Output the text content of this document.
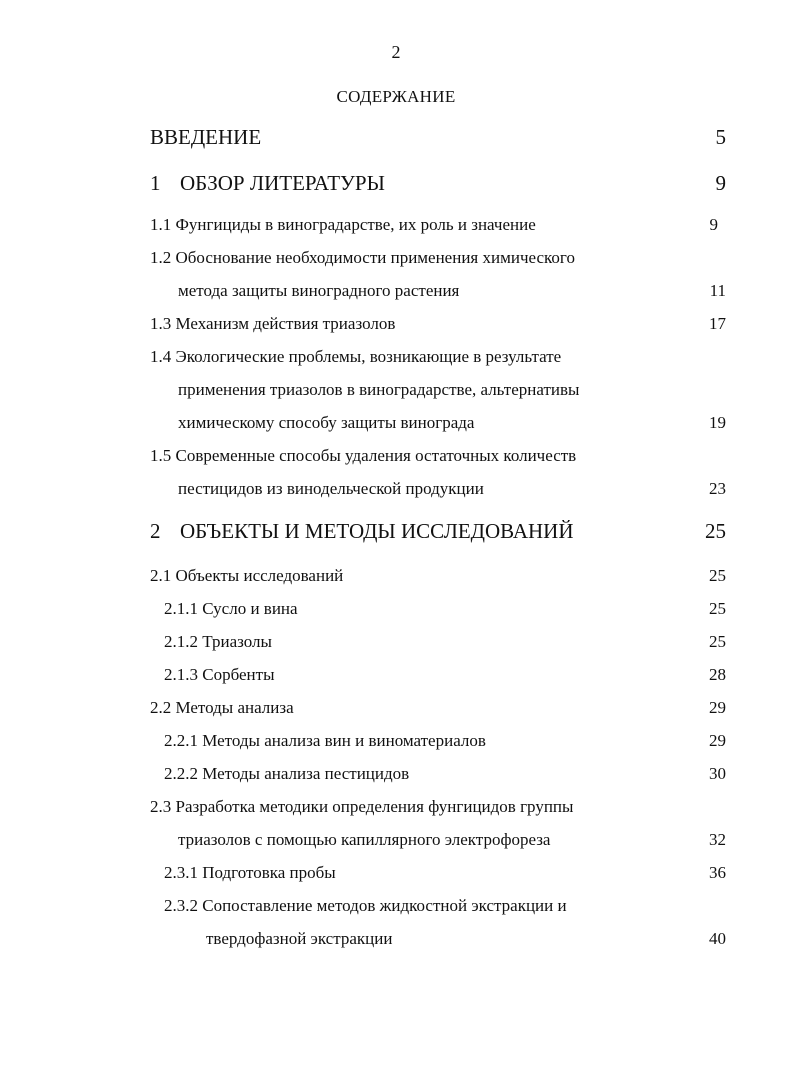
2
СОДЕРЖАНИЕ
ВВЕДЕНИЕ	5
1 ОБЗОР ЛИТЕРАТУРЫ	9
1.1 Фунгициды в виноградарстве, их роль и значение	9
1.2 Обоснование необходимости применения химического
метода защиты виноградного растения	11
1.3 Механизм действия триазолов	17
1.4 Экологические проблемы, возникающие в результате
применения триазолов в виноградарстве, альтернативы
химическому способу защиты винограда	19
1.5 Современные способы удаления остаточных количеств
пестицидов из винодельческой продукции	23
2 ОБЪЕКТЫ И МЕТОДЫ ИССЛЕДОВАНИЙ	25
2.1 Объекты исследований	25
2.1.1 Сусло и вина	25
2.1.2 Триазолы	25
2.1.3 Сорбенты	28
2.2 Методы анализа	29
2.2.1 Методы анализа вин и виноматериалов	29
2.2.2 Методы анализа пестицидов	30
2.3 Разработка методики определения фунгицидов группы
триазолов с помощью капиллярного электрофореза	32
2.3.1 Подготовка пробы	36
2.3.2 Сопоставление методов жидкостной экстракции и
твердофазной экстракции	40
